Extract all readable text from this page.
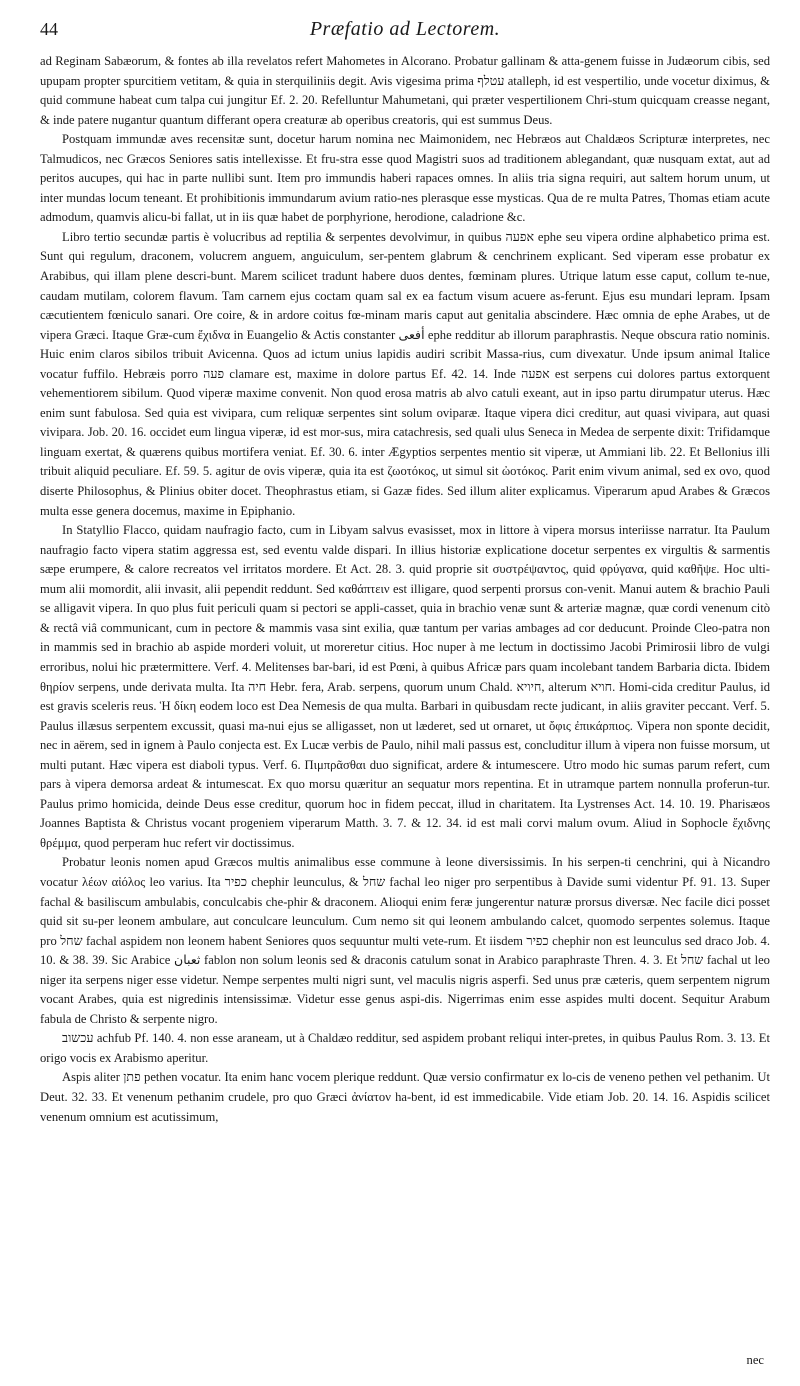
44	Præfatio ad Lectorem.

ad Reginam Sabæorum, & fontes ab illa revelatos refert Mahometes in Alcorano. Probatur gallinam & atta-genem fuisse in Judæorum cibis, sed upupam propter spurcitiem vetitam, & quia in sterquiliniis degit. Avis vigesima prima עטלף atalleph, id est vespertilio, unde vocetur diximus, & quid commune habeat cum talpa cui jungitur Ef. 2. 20. Refelluntur Mahumetani, qui præter vespertilionem Chri-stum quicquam creasse negant, & inde patere nugantur quantum differant opera creaturæ ab operibus creatoris, qui est summus Deus.

Postquam immundæ aves recensitæ sunt, docetur harum nomina nec Maimonidem, nec Hebræos aut Chaldæos Scripturæ interpretes, nec Talmudicos, nec Græcos Seniores satis intellexisse. Et fru-stra esse quod Magistri suos ad traditionem ablegandant, quæ nusquam extat, aut ad peritos aucupes, qui hac in parte nullibi sunt. Item pro immundis haberi rapaces omnes. In aliis tria signa requiri, aut saltem horum unum, ut inter mundas locum teneant. Et prohibitionis immundarum avium ratio-nes plerasque esse mysticas. Qua de re multa Patres, Thomas etiam acute admodum, quamvis alicu-bi fallat, ut in iis quæ habet de porphyrione, herodione, caladrione &c.

Libro tertio secundæ partis è volucribus ad reptilia & serpentes devolvimur, in quibus אפעה ephe seu vipera ordine alphabetico prima est. Sunt qui regulum, draconem, volucrem anguem, anguiculum, ser-pentem glabrum & cenchrinem explicant. Sed viperam esse probatur ex Arabibus, qui illam plene descri-bunt. Marem scilicet tradunt habere duos dentes, fœminam plures. Utrique latum esse caput, collum te-nue, caudam mutilam, colorem flavum. Tam carnem ejus coctam quam sal ex ea factum visum acuere as-ferunt. Ejus esu mundari lepram. Ipsam cæcutientem fœniculo sanari. Ore coire, & in ardore coitus fœ-minam maris caput aut genitalia abscindere. Hæc omnia de ephe Arabes, ut de vipera Græci. Itaque Græ-cum ἔχιδνα in Euangelio & Actis constanter أفعى ephe redditur ab illorum paraphrastis. Neque obscura ratio nominis. Huic enim claros sibilos tribuit Avicenna. Quos ad ictum unius lapidis audiri scribit Massa-rius, cum divexatur. Unde ipsum animal Italice vocatur fuffilo. Hebræis porro פעה clamare est, maxime in dolore partus Ef. 42. 14. Inde אפעה est serpens cui dolores partus extorquent vehementiorem sibilum. Quod viperæ maxime convenit. Non quod erosa matris ab alvo catuli exeant, aut in ipso partu dirumpatur uterus. Hæc enim sunt fabulosa. Sed quia est vivipara, cum reliquæ serpentes sint solum oviparæ. Itaque vipera dici creditur, aut quasi vivipara, aut quasi vivipara. Job. 20. 16. occidet eum lingua viperæ, id est mor-sus, mira catachresis, sed quali ulus Seneca in Medea de serpente dixit: Trifidamque linguam exertat, & quærens quibus mortifera veniat. Ef. 30. 6. inter Ægyptios serpentes mentio sit viperæ, ut Ammiani lib. 22. Et Bellonius illi tribuit aliquid peculiare. Ef. 59. 5. agitur de ovis viperæ, quia ita est ζωοτόκος, ut simul sit ὠοτόκος. Parit enim vivum animal, sed ex ovo, quod diserte Philosophus, & Plinius obiter docet. Theophrastus etiam, si Gazæ fides. Sed illum aliter explicamus. Viperarum apud Arabes & Græcos multa esse genera docemus, maxime in Epiphanio.

In Statyllio Flacco, quidam naufragio facto, cum in Libyam salvus evasisset, mox in littore à vipera morsus interiisse narratur. Ita Paulum naufragio facto vipera statim aggressa est, sed eventu valde dispari. In illius historiæ explicatione docetur serpentes ex virgultis & sarmentis sæpe erumpere, & calore recreatos vel irritatos mordere. Et Act. 28. 3. quid proprie sit συστρέψαντος, quid φρύγανα, quid καθῆψε. Hoc ulti-mum alii momordit, alii invasit, alii pependit reddunt. Sed καθάπτειν est illigare, quod serpenti prorsus con-venit. Manui autem & brachio Pauli se alligavit vipera. In quo plus fuit periculi quam si pectori se appli-casset, quia in brachio venæ sunt & arteriæ magnæ, quæ cordi venenum citò & rectâ viâ communicant, cum in pectore & mammis vasa sint exilia, quæ tantum per varias ambages ad cor deducunt. Proinde Cleo-patra non in mammis sed in brachio ab aspide morderi voluit, ut moreretur citius. Hoc nuper à me lectum in doctissimo Jacobi Primirosii libro de vulgi erroribus, nolui hic prætermittere. Verf. 4. Melitenses bar-bari, id est Pœni, à quibus Africæ pars quam incolebant tandem Barbaria dicta. Ibidem θηρίον serpens, unde derivata multa. Ita חיה Hebr. fera, Arab. serpens, quorum unum Chald. חיויא, alterum חויא. Homi-cida creditur Paulus, id est gravis sceleris reus. Ἡ δίκη eodem loco est Dea Nemesis de qua multa. Barbari in quibusdam recte judicant, in aliis graviter peccant. Verf. 5. Paulus illæsus serpentem excussit, quasi ma-nui ejus se alligasset, non ut læderet, sed ut ornaret, ut ὄφις ἐπικάρπιος. Vipera non sponte decidit, nec in aërem, sed in ignem à Paulo conjecta est. Ex Lucæ verbis de Paulo, nihil mali passus est, concluditur illum à vipera non fuisse morsum, ut multi putant. Hæc vipera est diaboli typus. Verf. 6. Πιμπρᾶσθαι duo significat, ardere & intumescere. Utro modo hic sumas parum refert, cum pars à vipera demorsa ardeat & intumescat. Ex quo morsu quæritur an sequatur mors repentina. Et in utramque partem nonnulla proferun-tur. Paulus primo homicida, deinde Deus esse creditur, quorum hoc in fidem peccat, illud in charitatem. Ita Lystrenses Act. 14. 10. 19. Pharisæos Joannes Baptista & Christus vocant progeniem viperarum Matth. 3. 7. & 12. 34. id est mali corvi malum ovum. Aliud in Sophocle ἔχιδνης θρέμμα, quod perperam huc refert vir doctissimus.

Probatur leonis nomen apud Græcos multis animalibus esse commune à leone diversissimis. In his serpen-ti cenchrini, qui à Nicandro vocatur λέων αἰόλος leo varius. Ita כפיר chephir leunculus, & שחל fachal leo niger pro serpentibus à Davide sumi videntur Pf. 91. 13. Super fachal & basiliscum ambulabis, conculcabis che-phir & draconem. Alioqui enim feræ jungerentur naturæ prorsus diversæ. Nec facile dici posset quid sit su-per leonem ambulare, aut conculcare leunculum. Cum nemo sit qui leonem ambulando calcet, quomodo serpentes solemus. Itaque pro שחל fachal aspidem non leonem habent Seniores quos sequuntur multi vete-rum. Et iisdem כפיר chephir non est leunculus sed draco Job. 4. 10. & 38. 39. Sic Arabice ثعبان fablon non solum leonis sed & draconis catulum sonat in Arabico paraphraste Thren. 4. 3. Et שחל fachal ut leo niger ita serpens niger esse videtur. Nempe serpentes multi nigri sunt, vel maculis nigris asperfi. Sed unus præ cæteris, quem serpentem nigrum vocant Arabes, quia est nigredinis intensissimæ. Videtur esse genus aspi-dis. Nigerrimas enim esse aspides multi docent. Sequitur Arabum fabula de Christo & serpente nigro.

עכשוב achfub Pf. 140. 4. non esse araneam, ut à Chaldæo redditur, sed aspidem probant reliqui inter-pretes, in quibus Paulus Rom. 3. 13. Et origo vocis ex Arabismo aperitur.

Aspis aliter פתן pethen vocatur. Ita enim hanc vocem plerique reddunt. Quæ versio confirmatur ex lo-cis de veneno pethen vel pethanim. Ut Deut. 32. 33. Et venenum pethanim crudele, pro quo Græci ἀνίατον ha-bent, id est immedicabile. Vide etiam Job. 20. 14. 16. Aspidis scilicet venenum omnium est acutissimum,

nec
